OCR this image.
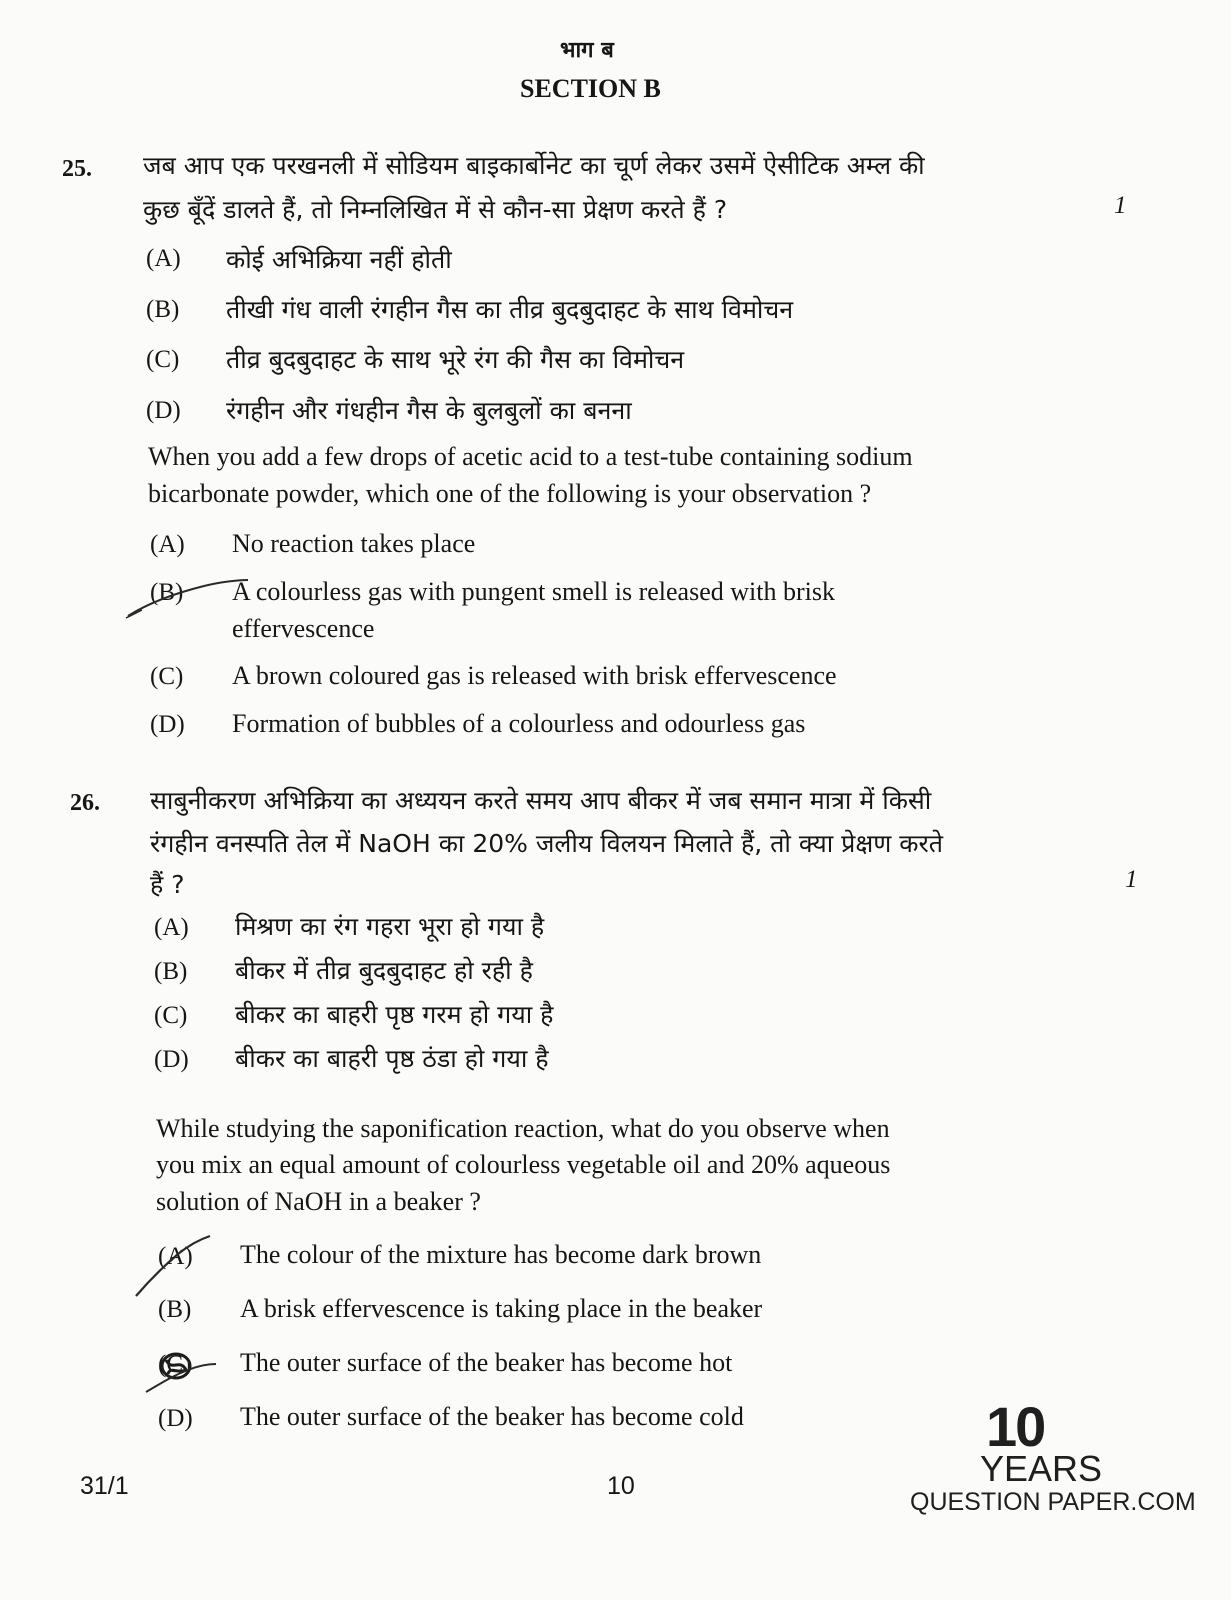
भाग ब
SECTION B
25. जब आप एक परखनली में सोडियम बाइकार्बोनेट का चूर्ण लेकर उसमें ऐसीटिक अम्ल की
कुछ बूँदें डालते हैं, तो निम्नलिखित में से कौन-सा प्रेक्षण करते हैं ?	1
(A) कोई अभिक्रिया नहीं होती
(B) तीखी गंध वाली रंगहीन गैस का तीव्र बुदबुदाहट के साथ विमोचन
(C) तीव्र बुदबुदाहट के साथ भूरे रंग की गैस का विमोचन
(D) रंगहीन और गंधहीन गैस के बुलबुलों का बनना
When you add a few drops of acetic acid to a test-tube containing sodium
bicarbonate powder, which one of the following is your observation ?
(A) No reaction takes place
(B) A colourless gas with pungent smell is released with brisk
effervescence
(C) A brown coloured gas is released with brisk effervescence
(D) Formation of bubbles of a colourless and odourless gas
26. साबुनीकरण अभिक्रिया का अध्ययन करते समय आप बीकर में जब समान मात्रा में किसी
रंगहीन वनस्पति तेल में NaOH का 20% जलीय विलयन मिलाते हैं, तो क्या प्रेक्षण करते
हैं ?	1
(A) मिश्रण का रंग गहरा भूरा हो गया है
(B) बीकर में तीव्र बुदबुदाहट हो रही है
(C) बीकर का बाहरी पृष्ठ गरम हो गया है
(D) बीकर का बाहरी पृष्ठ ठंडा हो गया है
While studying the saponification reaction, what do you observe when
you mix an equal amount of colourless vegetable oil and 20% aqueous
solution of NaOH in a beaker ?
(A) The colour of the mixture has become dark brown
(B) A brisk effervescence is taking place in the beaker
(C) The outer surface of the beaker has become hot
(D) The outer surface of the beaker has become cold
31/1	10
10
YEARS
QUESTION PAPER.COM
